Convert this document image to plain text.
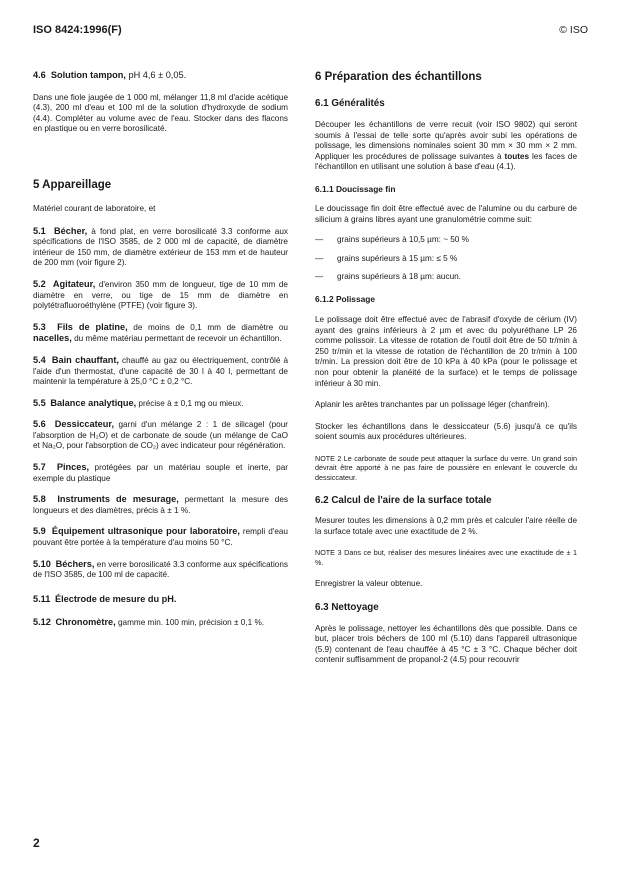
ISO 8424:1996(F)	© ISO

4.6 Solution tampon, pH 4,6 ± 0,05.

Dans une fiole jaugée de 1 000 ml, mélanger 11,8 ml d'acide acétique (4.3), 200 ml d'eau et 100 ml de la solution d'hydroxyde de sodium (4.4). Compléter au volume avec de l'eau. Stocker dans des flacons en plastique ou en verre borosilicaté.

5 Appareillage

Matériel courant de laboratoire, et

5.1 Bécher, à fond plat, en verre borosilicaté 3.3 conforme aux spécifications de l'ISO 3585, de 2 000 ml de capacité, de diamètre intérieur de 150 mm, de diamètre extérieur de 153 mm et de hauteur de 200 mm (voir figure 2).

5.2 Agitateur, d'environ 350 mm de longueur, tige de 10 mm de diamètre en verre, ou tige de 15 mm de diamètre en polytétrafluoroéthylène (PTFE) (voir figure 3).

5.3 Fils de platine, de moins de 0,1 mm de diamètre ou nacelles, du même matériau permettant de recevoir un échantillon.

5.4 Bain chauffant, chauffé au gaz ou électriquement, contrôlé à l'aide d'un thermostat, d'une capacité de 30 l à 40 l, permettant de maintenir la température à 25,0 °C ± 0,2 °C.

5.5 Balance analytique, précise à ± 0,1 mg ou mieux.

5.6 Dessiccateur, garni d'un mélange 2 : 1 de silicagel (pour l'absorption de H₂O) et de carbonate de soude (un mélange de CaO et Na₂O, pour l'absorption de CO₂) avec indicateur pour régénération.

5.7 Pinces, protégées par un matériau souple et inerte, par exemple du plastique

5.8 Instruments de mesurage, permettant la mesure des longueurs et des diamètres, précis à ± 1 %.

5.9 Équipement ultrasonique pour laboratoire, rempli d'eau pouvant être portée à la température d'au moins 50 °C.

5.10 Béchers, en verre borosilicaté 3.3 conforme aux spécifications de l'ISO 3585, de 100 ml de capacité.

5.11 Électrode de mesure du pH.

5.12 Chronomètre, gamme min. 100 min, précision ± 0,1 %.

6 Préparation des échantillons
6.1 Généralités

Découper les échantillons de verre recuit (voir ISO 9802) qui seront soumis à l'essai de telle sorte qu'après avoir subi les opérations de polissage, les dimensions nominales soient 30 mm × 30 mm × 2 mm. Appliquer les procédures de polissage suivantes à toutes les faces de l'échantillon en utilisant une solution à base d'eau (4.1).

6.1.1 Doucissage fin

Le doucissage fin doit être effectué avec de l'alumine ou du carbure de silicium à grains libres ayant une granulométrie comme suit:

— grains supérieurs à 10,5 µm: ~ 50 %
— grains supérieurs à 15 µm: ≤ 5 %
— grains supérieurs à 18 µm: aucun.
6.1.2 Polissage

Le polissage doit être effectué avec de l'abrasif d'oxyde de cérium (IV) ayant des grains inférieurs à 2 µm et avec du polyuréthane LP 26 comme polissoir. La vitesse de rotation de l'outil doit être de 50 tr/min à 250 tr/min et la vitesse de rotation de l'échantillon de 20 tr/min à 100 tr/min. La pression doit être de 10 kPa à 40 kPa (pour le polissage et non pour obtenir la planéité de la surface) et le temps de polissage inférieur à 30 min.

Aplanir les arêtes tranchantes par un polissage léger (chanfrein).

Stocker les échantillons dans le dessiccateur (5.6) jusqu'à ce qu'ils soient soumis aux procédures ultérieures.

NOTE 2 Le carbonate de soude peut attaquer la surface du verre. Un grand soin devrait être apporté à ne pas faire de poussière en enlevant le couvercle du dessiccateur.

6.2 Calcul de l'aire de la surface totale

Mesurer toutes les dimensions à 0,2 mm près et calculer l'aire réelle de la surface totale avec une exactitude de 2 %.

NOTE 3 Dans ce but, réaliser des mesures linéaires avec une exactitude de ± 1 %.

Enregistrer la valeur obtenue.

6.3 Nettoyage

Après le polissage, nettoyer les échantillons dès que possible. Dans ce but, placer trois béchers de 100 ml (5.10) dans l'appareil ultrasonique (5.9) contenant de l'eau chauffée à 45 °C ± 3 °C. Chaque bécher doit contenir suffisamment de propanol-2 (4.5) pour recouvrir

2
